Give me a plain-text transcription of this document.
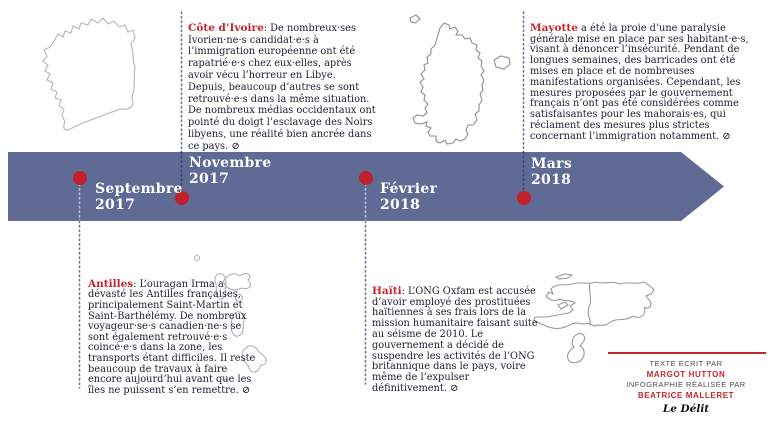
Septembre
2017
Novembre
2017
Février
2018
Mars
2018

Côte d’Ivoire: De nombreux·ses Ivorien·ne·s candidat·e·s à l’immigration européenne ont été rapatrié·e·s chez eux·elles, après avoir vécu l’horreur en Libye. Depuis, beaucoup d’autres se sont retrouvé·e·s dans la même situation. De nombreux médias occidentaux ont pointé du doigt l’esclavage des Noirs libyens, une réalité bien ancrée dans ce pays. ⊘

Mayotte a été la proie d’une paralysie générale mise en place par ses habitant·e·s, visant à dénoncer l’insécurité. Pendant de longues semaines, des barricades ont été mises en place et de nombreuses manifestations organisées. Cependant, les mesures proposées par le gouvernement français n’ont pas été considérées comme satisfaisantes pour les mahorais·es, qui réclament des mesures plus strictes concernant l’immigration notamment. ⊘

Antilles: L’ouragan Irma a dévasté les Antilles françaises, principalement Saint-Martin et Saint-Barthélémy. De nombreux voyageur·se·s canadien·ne·s se sont également retrouvé·e·s coincé·e·s dans la zone, les transports étant difficiles. Il reste beaucoup de travaux à faire encore aujourd’hui avant que les îles ne puissent s’en remettre. ⊘

Haïti: L’ONG Oxfam est accusée d’avoir employé des prostituées haïtiennes à ses frais lors de la mission humanitaire faisant suite au séisme de 2010. Le gouvernement a décidé de suspendre les activités de l’ONG britannique dans le pays, voire même de l’expulser définitivement. ⊘

TEXTE ECRIT PAR
MARGOT HUTTON
INFOGRAPHIE RÉALISÉE PAR
BEATRICE MALLERET
Le Délit
